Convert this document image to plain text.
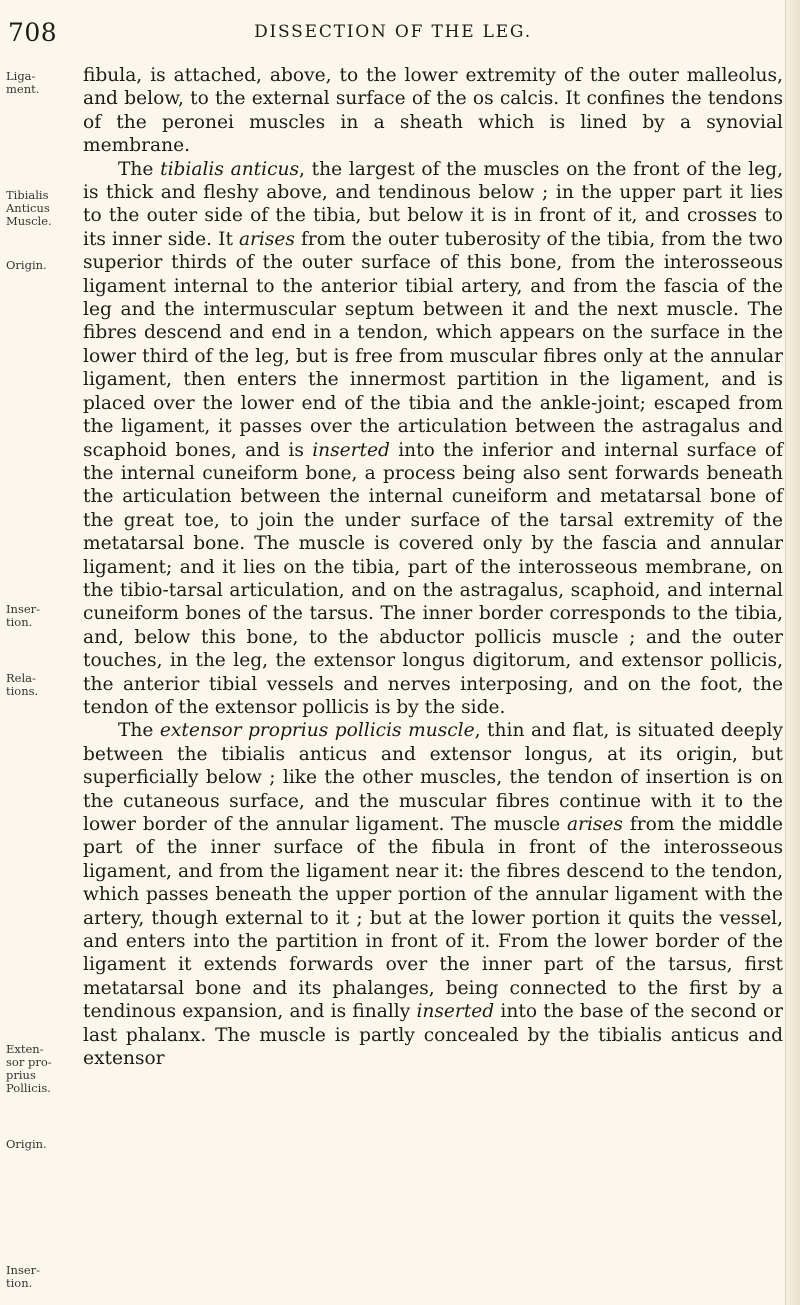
708	DISSECTION OF THE LEG.
Liga-
ment.
Tibialis
Anticus
Muscle.
Origin.
Inser-
tion.
Rela-
tions.
Exten-
sor pro-
prius
Pollicis.
Origin.
Inser-
tion.

fibula, is attached, above, to the lower extremity of the outer malleolus, and below, to the external surface of the os calcis. It confines the tendons of the peronei muscles in a sheath which is lined by a synovial membrane.

The tibialis anticus, the largest of the muscles on the front of the leg, is thick and fleshy above, and tendinous below ; in the upper part it lies to the outer side of the tibia, but below it is in front of it, and crosses to its inner side. It arises from the outer tuberosity of the tibia, from the two superior thirds of the outer surface of this bone, from the interosseous ligament internal to the anterior tibial artery, and from the fascia of the leg and the intermuscular septum between it and the next muscle. The fibres descend and end in a tendon, which appears on the surface in the lower third of the leg, but is free from muscular fibres only at the annular ligament, then enters the innermost partition in the ligament, and is placed over the lower end of the tibia and the ankle-joint; escaped from the ligament, it passes over the articulation between the astragalus and scaphoid bones, and is inserted into the inferior and internal surface of the internal cuneiform bone, a process being also sent forwards beneath the articulation between the internal cuneiform and metatarsal bone of the great toe, to join the under surface of the tarsal extremity of the metatarsal bone. The muscle is covered only by the fascia and annular ligament; and it lies on the tibia, part of the interosseous membrane, on the tibio-tarsal articulation, and on the astragalus, scaphoid, and internal cuneiform bones of the tarsus. The inner border corresponds to the tibia, and, below this bone, to the abductor pollicis muscle ; and the outer touches, in the leg, the extensor longus digitorum, and extensor pollicis, the anterior tibial vessels and nerves interposing, and on the foot, the tendon of the extensor pollicis is by the side.

The extensor proprius pollicis muscle, thin and flat, is situated deeply between the tibialis anticus and extensor longus, at its origin, but superficially below ; like the other muscles, the tendon of insertion is on the cutaneous surface, and the muscular fibres continue with it to the lower border of the annular ligament. The muscle arises from the middle part of the inner surface of the fibula in front of the interosseous ligament, and from the ligament near it: the fibres descend to the tendon, which passes beneath the upper portion of the annular ligament with the artery, though external to it ; but at the lower portion it quits the vessel, and enters into the partition in front of it. From the lower border of the ligament it extends forwards over the inner part of the tarsus, first metatarsal bone and its phalanges, being connected to the first by a tendinous expansion, and is finally inserted into the base of the second or last phalanx. The muscle is partly concealed by the tibialis anticus and extensor
